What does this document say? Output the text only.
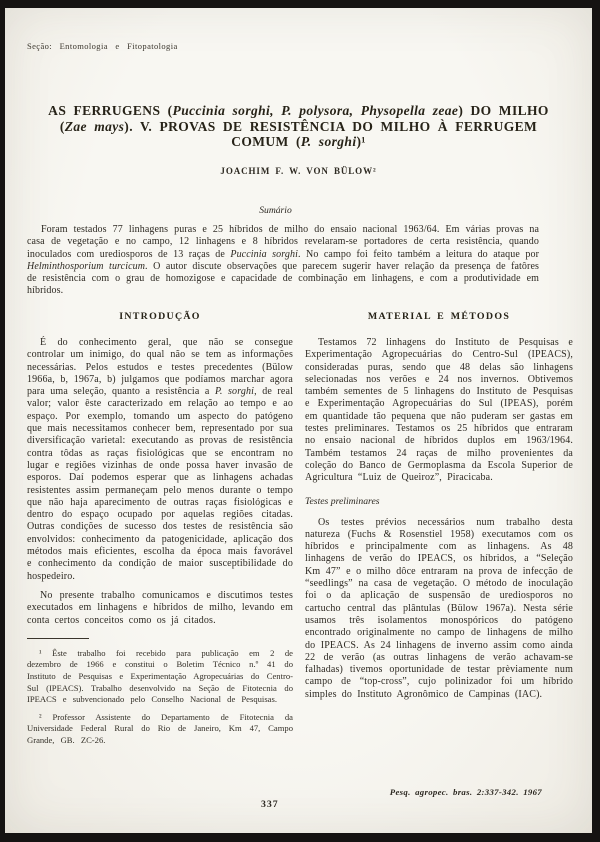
Seção: Entomologia e Fitopatologia
AS FERRUGENS (Puccinia sorghi, P. polysora, Physopella zeae) DO MILHO
(Zae mays). V. PROVAS DE RESISTÊNCIA DO MILHO À FERRUGEM
COMUM (P. sorghi)¹
JOACHIM F. W. VON BÜLOW²
Sumário

Foram testados 77 linhagens puras e 25 híbridos de milho do ensaio nacional 1963/64. Em várias provas na casa de vegetação e no campo, 12 linhagens e 8 híbridos revelaram-se portadores de certa resistência, quando inoculados com urediosporos de 13 raças de Puccinia sorghi. No campo foi feito também a leitura do ataque por Helminthosporium turcicum. O autor discute observações que parecem sugerir haver relação da presença de fatôres de resistência com o grau de homozigose e capacidade de combinação em linhagens, e com a produtividade em híbridos.

INTRODUÇÃO

É do conhecimento geral, que não se consegue controlar um inimigo, do qual não se tem as informações necessárias. Pelos estudos e testes precedentes (Bülow 1966a, b, 1967a, b) julgamos que podíamos marchar agora para uma seleção, quanto a resistência a P. sorghi, de real valor; valor êste caracterizado em relação ao tempo e ao espaço. Por exemplo, tomando um aspecto do patógeno que mais necessitamos conhecer bem, representado por sua diversificação varietal: executando as provas de resistência contra tôdas as raças fisiológicas que se encontram no lugar e regiões vizinhas de onde possa haver invasão de esporos. Daí podemos esperar que as linhagens achadas resistentes assim permaneçam pelo menos durante o tempo que não haja aparecimento de outras raças fisiológicas e dentro do espaço ocupado por aquelas regiões citadas. Outras condições de sucesso dos testes de resistência são envolvidos: conhecimento da patogenicidade, aplicação dos métodos mais eficientes, escolha da época mais favorável e conhecimento da condição de maior susceptibilidade do hospedeiro.

No presente trabalho comunicamos e discutimos testes executados em linhagens e híbridos de milho, levando em conta certos conceitos como os já citados.

¹ Êste trabalho foi recebido para publicação em 2 de dezembro de 1966 e constitui o Boletim Técnico n.º 41 do Instituto de Pesquisas e Experimentação Agropecuárias do Centro-Sul (IPEACS). Trabalho desenvolvido na Seção de Fitotecnia do IPEACS e subvencionado pelo Conselho Nacional de Pesquisas.

² Professor Assistente do Departamento de Fitotecnia da Universidade Federal Rural do Rio de Janeiro, Km 47, Campo Grande, GB. ZC-26.

MATERIAL E MÉTODOS

Testamos 72 linhagens do Instituto de Pesquisas e Experimentação Agropecuárias do Centro-Sul (IPEACS), consideradas puras, sendo que 48 delas são linhagens selecionadas nos verões e 24 nos invernos. Obtivemos também sementes de 5 linhagens do Instituto de Pesquisas e Experimentação Agropecuárias do Sul (IPEAS), porém em quantidade tão pequena que não puderam ser gastas em testes preliminares. Testamos os 25 híbridos que entraram no ensaio nacional de híbridos duplos em 1963/1964. Também testamos 24 raças de milho provenientes da coleção do Banco de Germoplasma da Escola Superior de Agricultura “Luiz de Queiroz”, Piracicaba.

Testes preliminares

Os testes prévios necessários num trabalho desta natureza (Fuchs & Rosenstiel 1958) executamos com os híbridos e principalmente com as linhagens. As 48 linhagens de verão do IPEACS, os híbridos, a “Seleção Km 47” e o milho dôce entraram na prova de infecção de “seedlings” na casa de vegetação. O método de inoculação foi o da aplicação de suspensão de urediosporos no cartucho central das plântulas (Bülow 1967a). Nesta série usamos três isolamentos monospóricos do patógeno encontrado originalmente no campo de linhagens de milho do IPEACS. As 24 linhagens de inverno assim como ainda 22 de verão (as outras linhagens de verão achavam-se falhadas) tivemos oportunidade de testar prèviamente num campo de “top-cross”, cujo polinizador foi um híbrido simples do Instituto Agronômico de Campinas (IAC).

Pesq. agropec. bras. 2:337-342. 1967
337
